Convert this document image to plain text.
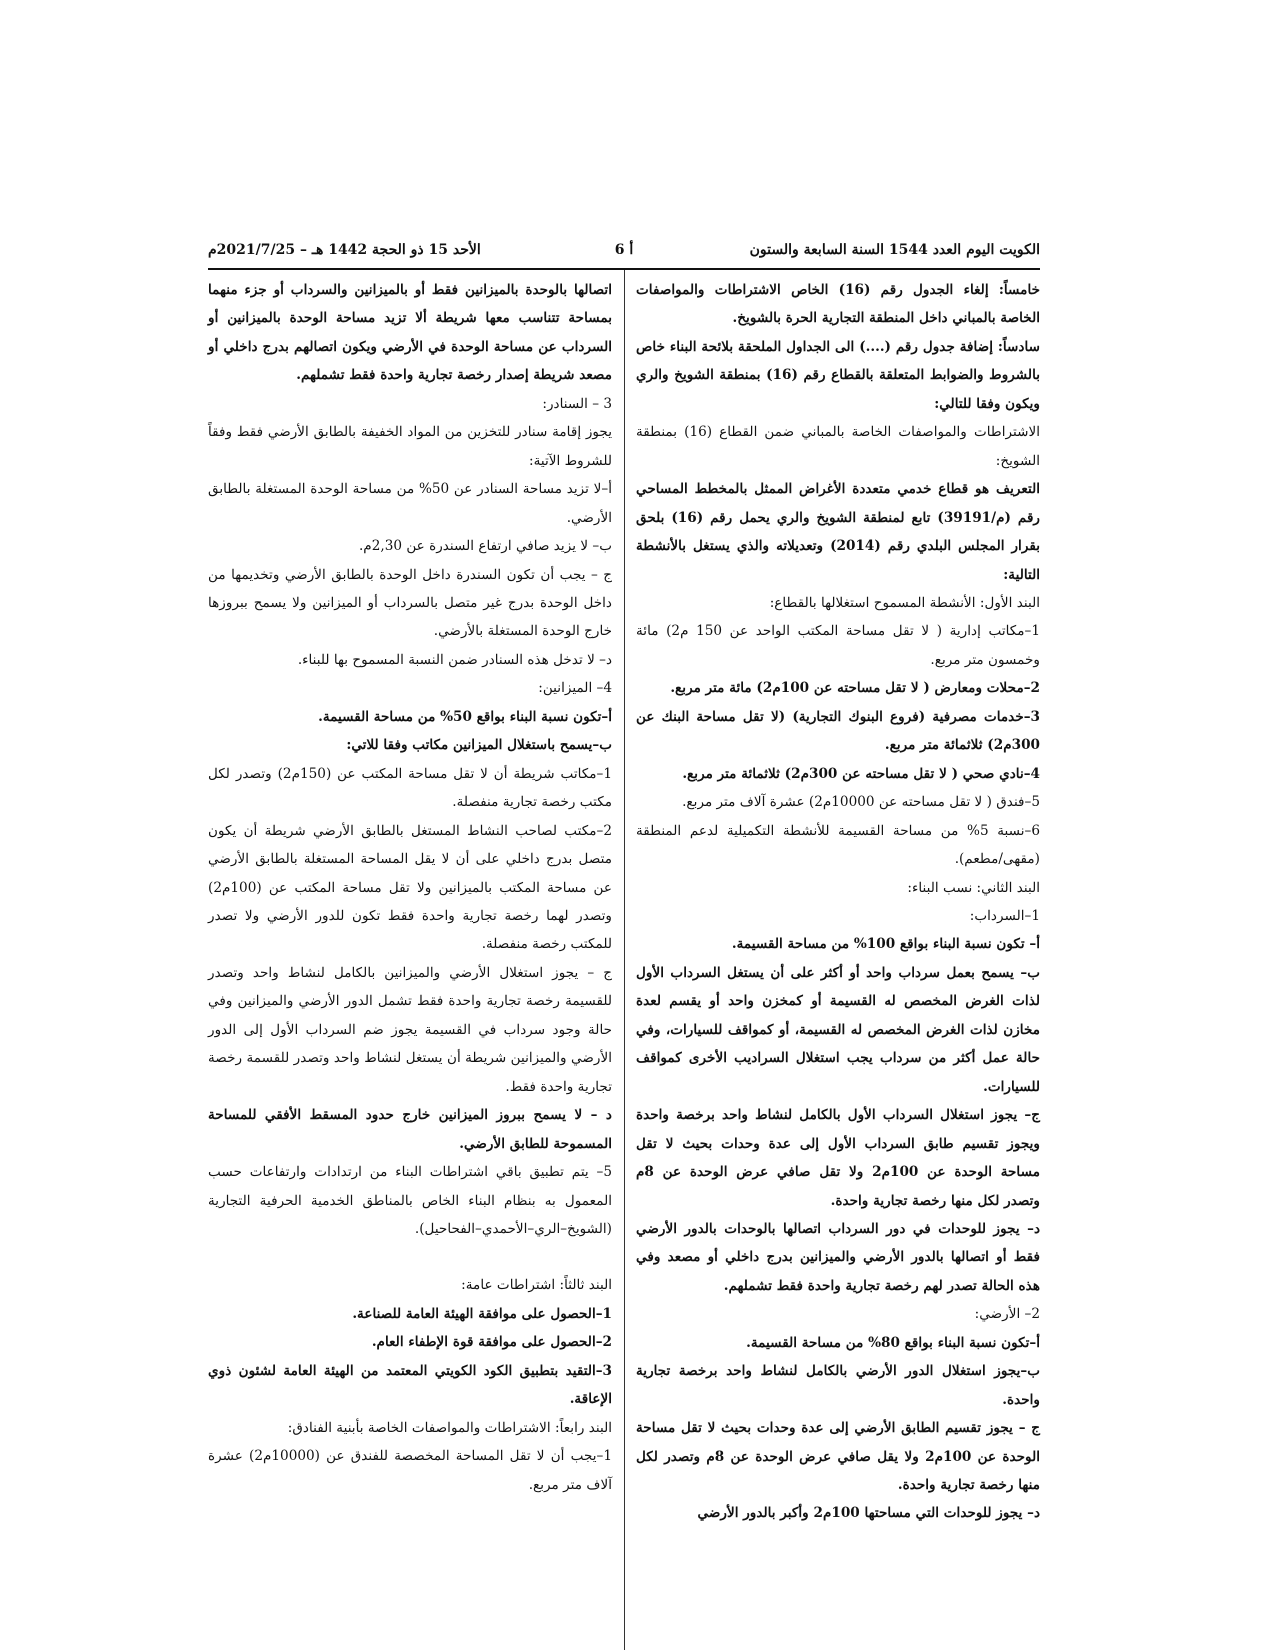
الكويت اليوم العدد 1544 السنة السابعة والستون
أ 6
الأحد 15 ذو الحجة 1442 هـ – 2021/7/25م

خامساً: إلغاء الجدول رقم (16) الخاص الاشتراطات والمواصفات الخاصة بالمباني داخل المنطقة التجارية الحرة بالشويخ.

سادساً: إضافة جدول رقم (....) الى الجداول الملحقة بلائحة البناء خاص بالشروط والضوابط المتعلقة بالقطاع رقم (16) بمنطقة الشويخ والري ويكون وفقا للتالي:

الاشتراطات والمواصفات الخاصة بالمباني ضمن القطاع (16) بمنطقة الشويخ:

التعريف هو قطاع خدمي متعددة الأغراض الممثل بالمخطط المساحي رقم (م/39191) تابع لمنطقة الشويخ والري يحمل رقم (16) بلحق بقرار المجلس البلدي رقم (2014) وتعديلاته والذي يستغل بالأنشطة التالية:

البند الأول: الأنشطة المسموح استغلالها بالقطاع:

1–مكاتب إدارية ( لا تقل مساحة المكتب الواحد عن 150 م2) مائة وخمسون متر مربع.

2–محلات ومعارض ( لا تقل مساحته عن 100م2) مائة متر مربع.

3–خدمات مصرفية (فروع البنوك التجارية) (لا تقل مساحة البنك عن 300م2) ثلاثمائة متر مربع.

4–نادي صحي ( لا تقل مساحته عن 300م2) ثلاثمائة متر مربع.

5–فندق ( لا تقل مساحته عن 10000م2) عشرة آلاف متر مربع.

6–نسبة 5% من مساحة القسيمة للأنشطة التكميلية لدعم المنطقة (مقهى/مطعم).

البند الثاني: نسب البناء:

1–السرداب:

أ– تكون نسبة البناء بواقع 100% من مساحة القسيمة.

ب– يسمح بعمل سرداب واحد أو أكثر على أن يستغل السرداب الأول لذات الغرض المخصص له القسيمة أو كمخزن واحد أو يقسم لعدة مخازن لذات الغرض المخصص له القسيمة، أو كمواقف للسيارات، وفي حالة عمل أكثر من سرداب يجب استغلال السراديب الأخرى كمواقف للسيارات.

ج– يجوز استغلال السرداب الأول بالكامل لنشاط واحد برخصة واحدة ويجوز تقسيم طابق السرداب الأول إلى عدة وحدات بحيث لا تقل مساحة الوحدة عن 100م2 ولا تقل صافي عرض الوحدة عن 8م وتصدر لكل منها رخصة تجارية واحدة.

د– يجوز للوحدات في دور السرداب اتصالها بالوحدات بالدور الأرضي فقط أو اتصالها بالدور الأرضي والميزانين بدرج داخلي أو مصعد وفي هذه الحالة تصدر لهم رخصة تجارية واحدة فقط تشملهم.

2– الأرضي:

أ–تكون نسبة البناء بواقع 80% من مساحة القسيمة.

ب–يجوز استغلال الدور الأرضي بالكامل لنشاط واحد برخصة تجارية واحدة.

ج – يجوز تقسيم الطابق الأرضي إلى عدة وحدات بحيث لا تقل مساحة الوحدة عن 100م2 ولا يقل صافي عرض الوحدة عن 8م وتصدر لكل منها رخصة تجارية واحدة.

د– يجوز للوحدات التي مساحتها 100م2 وأكبر بالدور الأرضي

اتصالها بالوحدة بالميزانين فقط أو بالميزانين والسرداب أو جزء منهما بمساحة تتناسب معها شريطة ألا تزيد مساحة الوحدة بالميزانين أو السرداب عن مساحة الوحدة في الأرضي ويكون اتصالهم بدرج داخلي أو مصعد شريطة إصدار رخصة تجارية واحدة فقط تشملهم.

3 – السنادر:

يجوز إقامة سنادر للتخزين من المواد الخفيفة بالطابق الأرضي فقط وفقاً للشروط الآتية:

أ–لا تزيد مساحة السنادر عن 50% من مساحة الوحدة المستغلة بالطابق الأرضي.

ب– لا يزيد صافي ارتفاع السندرة عن 2,30م.

ج – يجب أن تكون السندرة داخل الوحدة بالطابق الأرضي وتخديمها من داخل الوحدة بدرج غير متصل بالسرداب أو الميزانين ولا يسمح ببروزها خارج الوحدة المستغلة بالأرضي.

د– لا تدخل هذه السنادر ضمن النسبة المسموح بها للبناء.

4– الميزانين:

أ–تكون نسبة البناء بواقع 50% من مساحة القسيمة.

ب–يسمح باستغلال الميزانين مكاتب وفقا للاتي:

1–مكاتب شريطة أن لا تقل مساحة المكتب عن (150م2) وتصدر لكل مكتب رخصة تجارية منفصلة.

2–مكتب لصاحب النشاط المستغل بالطابق الأرضي شريطة أن يكون متصل بدرج داخلي على أن لا يقل المساحة المستغلة بالطابق الأرضي عن مساحة المكتب بالميزانين ولا تقل مساحة المكتب عن (100م2) وتصدر لهما رخصة تجارية واحدة فقط تكون للدور الأرضي ولا تصدر للمكتب رخصة منفصلة.

ج – يجوز استغلال الأرضي والميزانين بالكامل لنشاط واحد وتصدر للقسيمة رخصة تجارية واحدة فقط تشمل الدور الأرضي والميزانين وفي حالة وجود سرداب في القسيمة يجوز ضم السرداب الأول إلى الدور الأرضي والميزانين شريطة أن يستغل لنشاط واحد وتصدر للقسمة رخصة تجارية واحدة فقط.

د – لا يسمح ببروز الميزانين خارج حدود المسقط الأفقي للمساحة المسموحة للطابق الأرضي.

5– يتم تطبيق باقي اشتراطات البناء من ارتدادات وارتفاعات حسب المعمول به بنظام البناء الخاص بالمناطق الخدمية الحرفية التجارية (الشويخ–الري–الأحمدي–الفحاحيل).

البند ثالثاً: اشتراطات عامة:

1–الحصول على موافقة الهيئة العامة للصناعة.

2–الحصول على موافقة قوة الإطفاء العام.

3–التقيد بتطبيق الكود الكويتي المعتمد من الهيئة العامة لشئون ذوي الإعاقة.

البند رابعاً: الاشتراطات والمواصفات الخاصة بأبنية الفنادق:

1–يجب أن لا تقل المساحة المخصصة للفندق عن (10000م2) عشرة آلاف متر مربع.
